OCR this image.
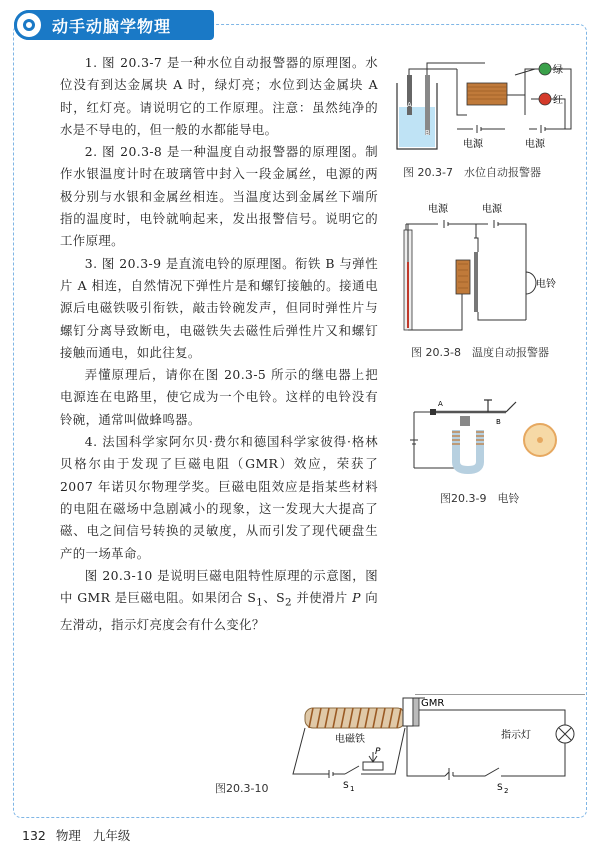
动手动脑学物理

1. 图 20.3-7 是一种水位自动报警器的原理图。水位没有到达金属块 A 时，绿灯亮；水位到达金属块 A 时，红灯亮。请说明它的工作原理。注意：虽然纯净的水是不导电的，但一般的水都能导电。

2. 图 20.3-8 是一种温度自动报警器的原理图。制作水银温度计时在玻璃管中封入一段金属丝，电源的两极分别与水银和金属丝相连。当温度达到金属丝下端所指的温度时，电铃就响起来，发出报警信号。说明它的工作原理。

3. 图 20.3-9 是直流电铃的原理图。衔铁 B 与弹性片 A 相连，自然情况下弹性片是和螺钉接触的。接通电源后电磁铁吸引衔铁，敲击铃碗发声，但同时弹性片与螺钉分离导致断电，电磁铁失去磁性后弹性片又和螺钉接触而通电，如此往复。

弄懂原理后，请你在图 20.3-5 所示的继电器上把电源连在电路里，使它成为一个电铃。这样的电铃没有铃碗，通常叫做蜂鸣器。

4. 法国科学家阿尔贝·费尔和德国科学家彼得·格林贝格尔由于发现了巨磁电阻（GMR）效应，荣获了 2007 年诺贝尔物理学奖。巨磁电阻效应是指某些材料的电阻在磁场中急剧减小的现象，这一发现大大提高了磁、电之间信号转换的灵敏度，从而引发了现代硬盘生产的一场革命。

图 20.3-10 是说明巨磁电阻特性原理的示意图，图中 GMR 是巨磁电阻。如果闭合 $S_1$、$S_2$ 并使滑片 P 向左滑动，指示灯亮度会有什么变化？

A
B
绿
红
电源	电源
图 20.3-7　水位自动报警器
电源	电源
电铃
图 20.3-8　温度自动报警器
A
B
图20.3-9　电铃
电磁铁
S 1
P
GMR
S 2
指示灯
图20.3-10
132 物理 九年级
